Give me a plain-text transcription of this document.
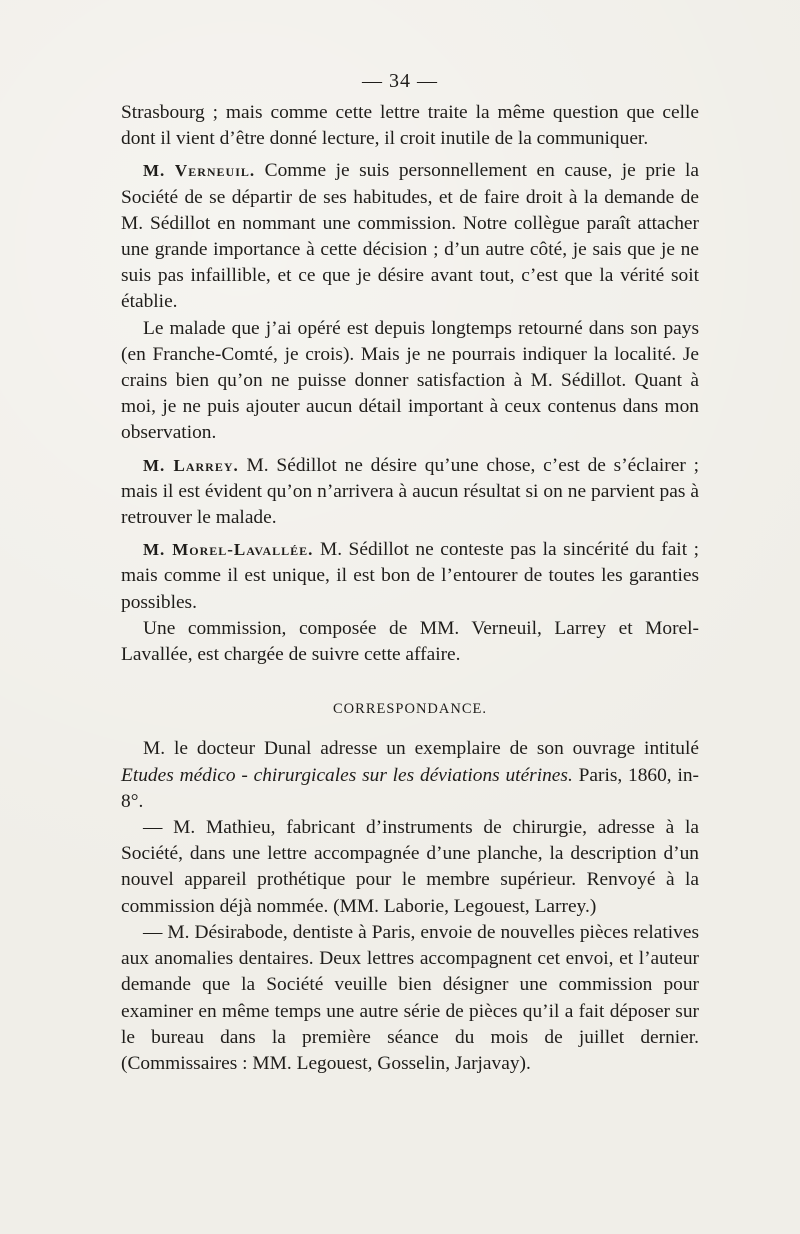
— 34 —

Strasbourg ; mais comme cette lettre traite la même question que celle dont il vient d’être donné lecture, il croit inutile de la communiquer.

M. Verneuil. Comme je suis personnellement en cause, je prie la Société de se départir de ses habitudes, et de faire droit à la demande de M. Sédillot en nommant une commission. Notre collègue paraît attacher une grande importance à cette décision ; d’un autre côté, je sais que je ne suis pas infaillible, et ce que je désire avant tout, c’est que la vérité soit établie.

Le malade que j’ai opéré est depuis longtemps retourné dans son pays (en Franche-Comté, je crois). Mais je ne pourrais indiquer la localité. Je crains bien qu’on ne puisse donner satisfaction à M. Sédillot. Quant à moi, je ne puis ajouter aucun détail important à ceux contenus dans mon observation.

M. Larrey. M. Sédillot ne désire qu’une chose, c’est de s’éclairer ; mais il est évident qu’on n’arrivera à aucun résultat si on ne parvient pas à retrouver le malade.

M. Morel-Lavallée. M. Sédillot ne conteste pas la sincérité du fait ; mais comme il est unique, il est bon de l’entourer de toutes les garanties possibles.

Une commission, composée de MM. Verneuil, Larrey et Morel-Lavallée, est chargée de suivre cette affaire.

CORRESPONDANCE.

M. le docteur Dunal adresse un exemplaire de son ouvrage intitulé Etudes médico - chirurgicales sur les déviations utérines. Paris, 1860, in-8°.

— M. Mathieu, fabricant d’instruments de chirurgie, adresse à la Société, dans une lettre accompagnée d’une planche, la description d’un nouvel appareil prothétique pour le membre supérieur. Renvoyé à la commission déjà nommée. (MM. Laborie, Legouest, Larrey.)

— M. Désirabode, dentiste à Paris, envoie de nouvelles pièces relatives aux anomalies dentaires. Deux lettres accompagnent cet envoi, et l’auteur demande que la Société veuille bien désigner une commission pour examiner en même temps une autre série de pièces qu’il a fait déposer sur le bureau dans la première séance du mois de juillet dernier. (Commissaires : MM. Legouest, Gosselin, Jarjavay).
